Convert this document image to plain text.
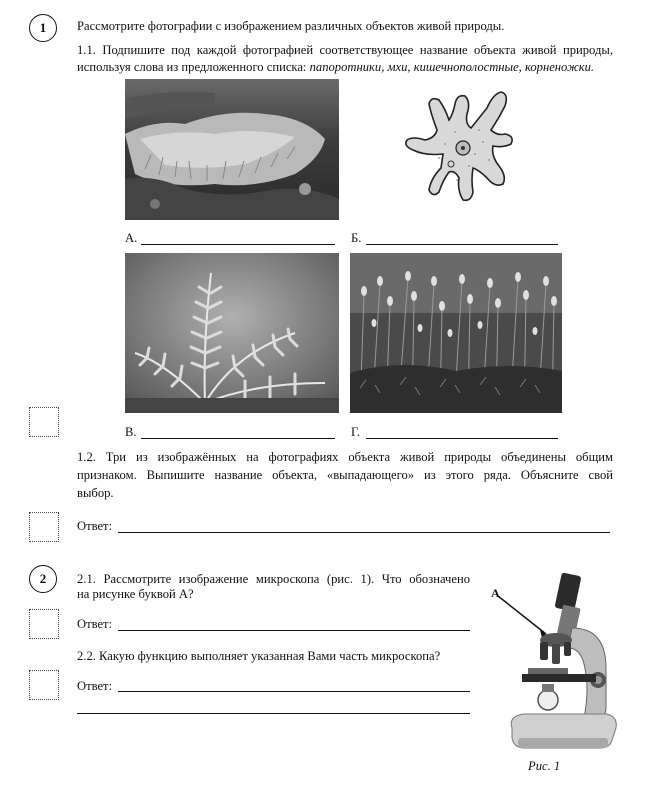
1	Рассмотрите фотографии с изображением различных объектов живой природы.
1.1. Подпишите под каждой фотографией соответствующее название объекта живой природы,
используя слова из предложенного списка: папоротники, мхи, кишечнополостные, корненожки.
А.	Б.
В.	Г.
1.2. Три из изображённых на фотографиях объекта живой природы объединены общим
признаком. Выпишите название объекта, «выпадающего» из этого ряда. Объясните свой
выбор.
Ответ:
2	2.1. Рассмотрите изображение микроскопа (рис. 1). Что обозначено
на рисунке буквой А?
Ответ:
2.2. Какую функцию выполняет указанная Вами часть микроскопа?
Ответ:
А
Рис. 1
